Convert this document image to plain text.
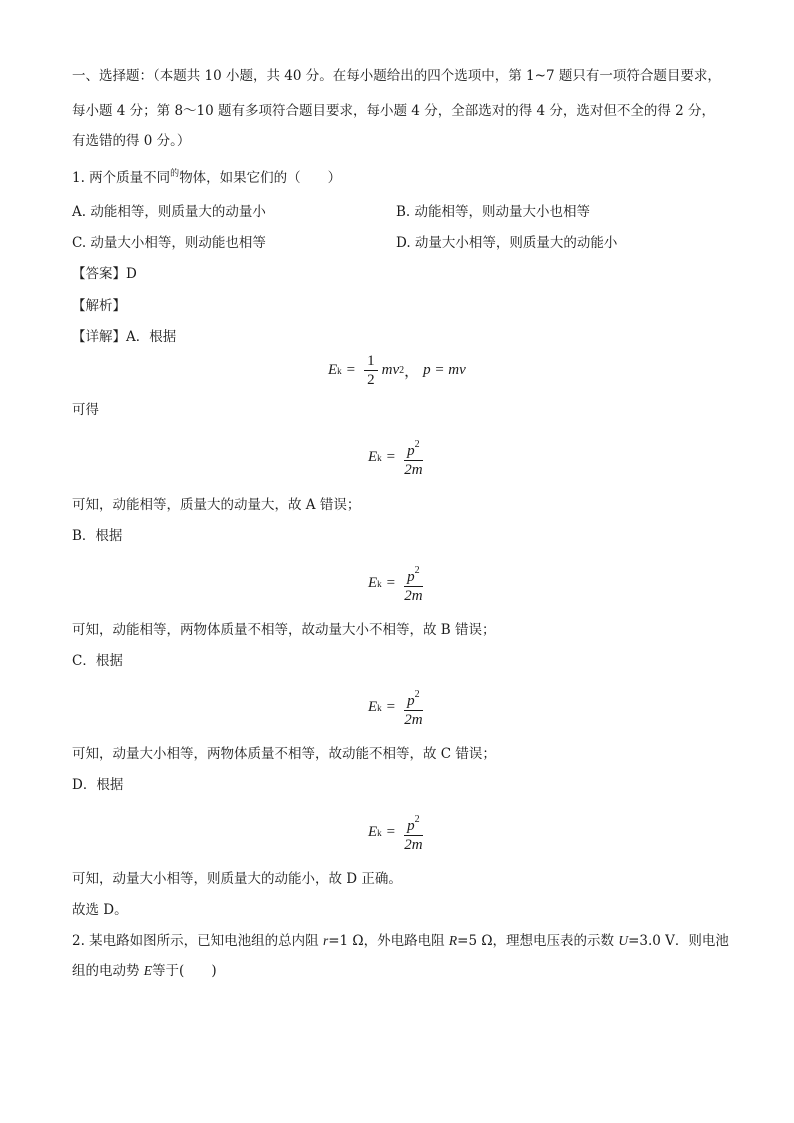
一、选择题：（本题共 10 小题，共 40 分。在每小题给出的四个选项中，第 1~7 题只有一项符合题目要求，
每小题 4 分；第 8～10 题有多项符合题目要求，每小题 4 分，全部选对的得 4 分，选对但不全的得 2 分，
有选错的得 0 分。）
1. 两个质量不同$^的$物体，如果它们的（　　）
A. 动能相等，则质量大的动量小	B. 动能相等，则动量大小也相等
C. 动量大小相等，则动能也相等	D. 动量大小相等，则质量大的动能小
【答案】D
【解析】
【详解】A．根据
E $k = \frac{1}{2}$ mv 2 ， p = mv
可得
E $k = \frac{p^2}{2m}$
可知，动能相等，质量大的动量大，故 A 错误；
B．根据
E $k = \frac{p^2}{2m}$
可知，动能相等，两物体质量不相等，故动量大小不相等，故 B 错误；
C．根据
E $k = \frac{p^2}{2m}$
可知，动量大小相等，两物体质量不相等，故动能不相等，故 C 错误；
D．根据
E $k = \frac{p^2}{2m}$
可知，动量大小相等，则质量大的动能小，故 D 正确。
故选 D。
2. 某电路如图所示，已知电池组的总内阻 r=1 Ω，外电路电阻 R=5 Ω，理想电压表的示数 U=3.0 V．则电池
组的电动势 E等于(　　)
